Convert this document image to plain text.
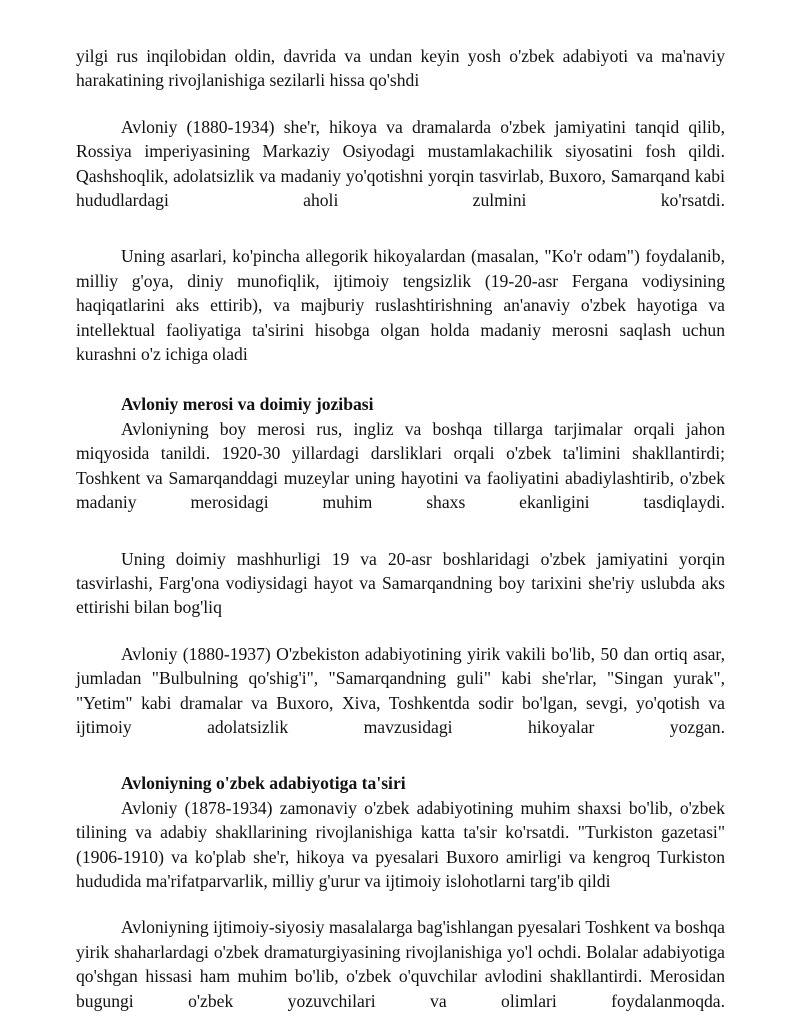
yilgi rus inqilobidan oldin, davrida va undan keyin yosh o'zbek adabiyoti va ma'naviy harakatining rivojlanishiga sezilarli hissa qo'shdi

Avloniy (1880-1934) she'r, hikoya va dramalarda o'zbek jamiyatini tanqid qilib, Rossiya imperiyasining Markaziy Osiyodagi mustamlakachilik siyosatini fosh qildi. Qashshoqlik, adolatsizlik va madaniy yo'qotishni yorqin tasvirlab, Buxoro, Samarqand kabi hududlardagi aholi zulmini ko'rsatdi.

Uning asarlari, ko'pincha allegorik hikoyalardan (masalan, "Ko'r odam") foydalanib, milliy g'oya, diniy munofiqlik, ijtimoiy tengsizlik (19-20-asr Fergana vodiysining haqiqatlarini aks ettirib), va majburiy ruslashtirishning an'anaviy o'zbek hayotiga va intellektual faoliyatiga ta'sirini hisobga olgan holda madaniy merosni saqlash uchun kurashni o'z ichiga oladi

Avloniy merosi va doimiy jozibasi

Avloniyning boy merosi rus, ingliz va boshqa tillarga tarjimalar orqali jahon miqyosida tanildi. 1920-30 yillardagi darsliklari orqali o'zbek ta'limini shakllantirdi; Toshkent va Samarqanddagi muzeylar uning hayotini va faoliyatini abadiylashtirib, o'zbek madaniy merosidagi muhim shaxs ekanligini tasdiqlaydi.

Uning doimiy mashhurligi 19 va 20-asr boshlaridagi o'zbek jamiyatini yorqin tasvirlashi, Farg'ona vodiysidagi hayot va Samarqandning boy tarixini she'riy uslubda aks ettirishi bilan bog'liq

Avloniy (1880-1937) O'zbekiston adabiyotining yirik vakili bo'lib, 50 dan ortiq asar, jumladan "Bulbulning qo'shig'i", "Samarqandning guli" kabi she'rlar, "Singan yurak", "Yetim" kabi dramalar va Buxoro, Xiva, Toshkentda sodir bo'lgan, sevgi, yo'qotish va ijtimoiy adolatsizlik mavzusidagi hikoyalar yozgan.

Avloniyning o'zbek adabiyotiga ta'siri

Avloniy (1878-1934) zamonaviy o'zbek adabiyotining muhim shaxsi bo'lib, o'zbek tilining va adabiy shakllarining rivojlanishiga katta ta'sir ko'rsatdi. "Turkiston gazetasi" (1906-1910) va ko'plab she'r, hikoya va pyesalari Buxoro amirligi va kengroq Turkiston hududida ma'rifatparvarlik, milliy g'urur va ijtimoiy islohotlarni targ'ib qildi

Avloniyning ijtimoiy-siyosiy masalalarga bag'ishlangan pyesalari Toshkent va boshqa yirik shaharlardagi o'zbek dramaturgiyasining rivojlanishiga yo'l ochdi. Bolalar adabiyotiga qo'shgan hissasi ham muhim bo'lib, o'zbek o'quvchilar avlodini shakllantirdi. Merosidan bugungi o'zbek yozuvchilari va olimlari foydalanmoqda.
